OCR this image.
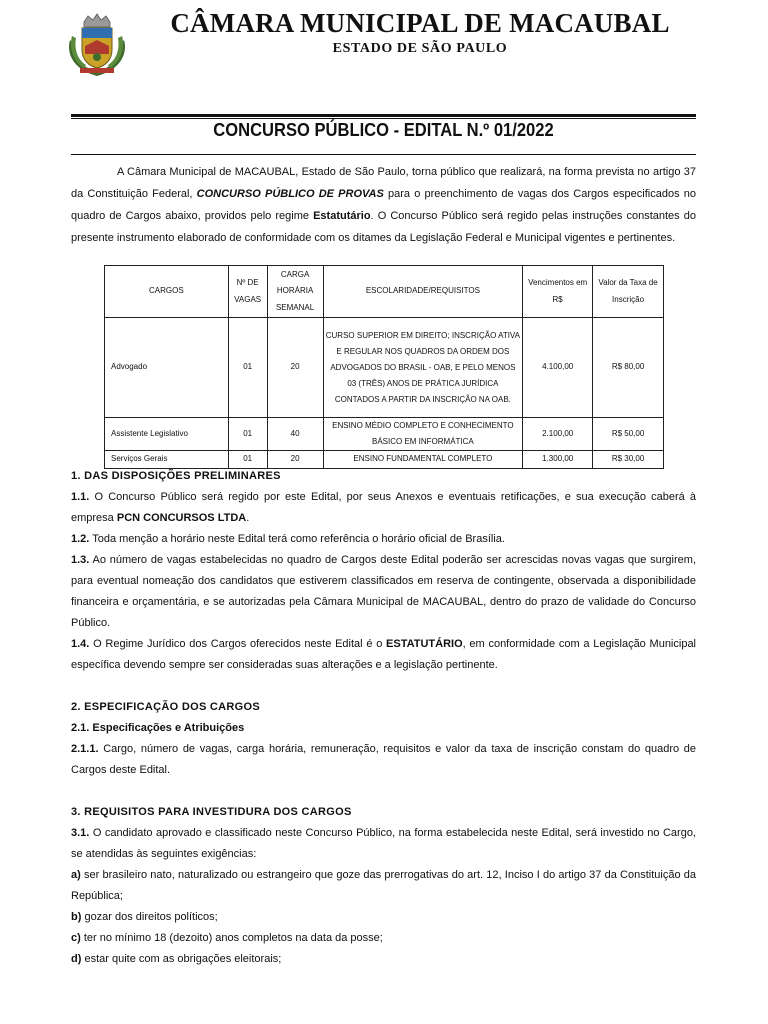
CÂMARA MUNICIPAL DE MACAUBAL
ESTADO DE SÃO PAULO
CONCURSO PÚBLICO - EDITAL N.º 01/2022
A Câmara Municipal de MACAUBAL, Estado de São Paulo, torna público que realizará, na forma prevista no artigo 37 da Constituição Federal, CONCURSO PÚBLICO DE PROVAS para o preenchimento de vagas dos Cargos especificados no quadro de Cargos abaixo, providos pelo regime Estatutário. O Concurso Público será regido pelas instruções constantes do presente instrumento elaborado de conformidade com os ditames da Legislação Federal e Municipal vigentes e pertinentes.
CARGOS	Nº DE VAGAS	CARGA HORÁRIA SEMANAL	ESCOLARIDADE/REQUISITOS	Vencimentos em R$	Valor da Taxa de Inscrição
Advogado	01	20	CURSO SUPERIOR EM DIREITO; INSCRIÇÃO ATIVA E REGULAR NOS QUADROS DA ORDEM DOS ADVOGADOS DO BRASIL - OAB, E PELO MENOS 03 (TRÊS) ANOS DE PRÁTICA JURÍDICA CONTADOS A PARTIR DA INSCRIÇÃO NA OAB.	4.100,00	R$ 80,00
Assistente Legislativo	01	40	ENSINO MÉDIO COMPLETO E CONHECIMENTO BÁSICO EM INFORMÁTICA	2.100,00	R$ 50,00
Serviços Gerais	01	20	ENSINO FUNDAMENTAL COMPLETO	1.300,00	R$ 30,00

1. DAS DISPOSIÇÕES PRELIMINARES

1.1. O Concurso Público será regido por este Edital, por seus Anexos e eventuais retificações, e sua execução caberá à empresa PCN CONCURSOS LTDA.

1.2. Toda menção a horário neste Edital terá como referência o horário oficial de Brasília.

1.3. Ao número de vagas estabelecidas no quadro de Cargos deste Edital poderão ser acrescidas novas vagas que surgirem, para eventual nomeação dos candidatos que estiverem classificados em reserva de contingente, observada a disponibilidade financeira e orçamentária, e se autorizadas pela Câmara Municipal de MACAUBAL, dentro do prazo de validade do Concurso Público.

1.4. O Regime Jurídico dos Cargos oferecidos neste Edital é o ESTATUTÁRIO, em conformidade com a Legislação Municipal específica devendo sempre ser consideradas suas alterações e a legislação pertinente.

2. ESPECIFICAÇÃO DOS CARGOS

2.1. Especificações e Atribuições

2.1.1. Cargo, número de vagas, carga horária, remuneração, requisitos e valor da taxa de inscrição constam do quadro de Cargos deste Edital.

3. REQUISITOS PARA INVESTIDURA DOS CARGOS

3.1. O candidato aprovado e classificado neste Concurso Público, na forma estabelecida neste Edital, será investido no Cargo, se atendidas às seguintes exigências:

a) ser brasileiro nato, naturalizado ou estrangeiro que goze das prerrogativas do art. 12, Inciso I do artigo 37 da Constituição da República;

b) gozar dos direitos políticos;

c) ter no mínimo 18 (dezoito) anos completos na data da posse;

d) estar quite com as obrigações eleitorais;
